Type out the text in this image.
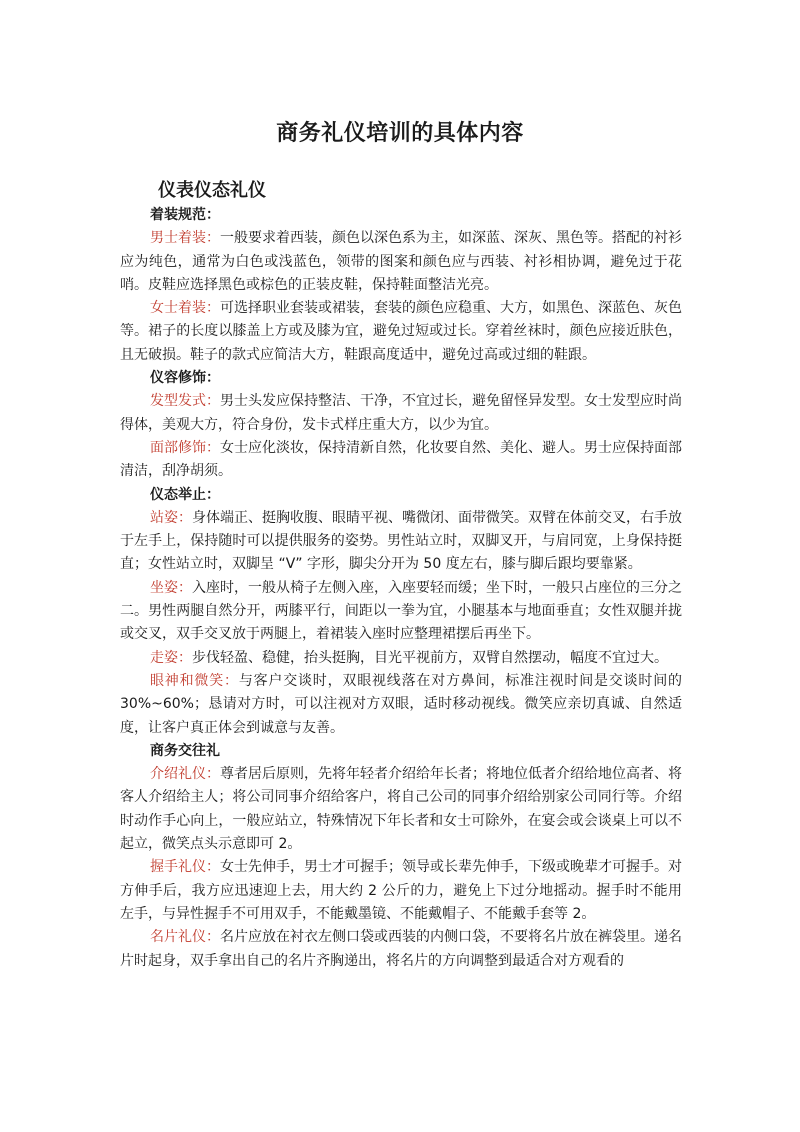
商务礼仪培训的具体内容
仪表仪态礼仪
着装规范：

男士着装：一般要求着西装，颜色以深色系为主，如深蓝、深灰、黑色等。搭配的衬衫应为纯色，通常为白色或浅蓝色，领带的图案和颜色应与西装、衬衫相协调，避免过于花哨。皮鞋应选择黑色或棕色的正装皮鞋，保持鞋面整洁光亮。

女士着装：可选择职业套装或裙装，套装的颜色应稳重、大方，如黑色、深蓝色、灰色等。裙子的长度以膝盖上方或及膝为宜，避免过短或过长。穿着丝袜时，颜色应接近肤色，且无破损。鞋子的款式应简洁大方，鞋跟高度适中，避免过高或过细的鞋跟。

仪容修饰：

发型发式：男士头发应保持整洁、干净，不宜过长，避免留怪异发型。女士发型应时尚得体，美观大方，符合身份，发卡式样庄重大方，以少为宜。

面部修饰：女士应化淡妆，保持清新自然，化妆要自然、美化、避人。男士应保持面部清洁，刮净胡须。

仪态举止：

站姿：身体端正、挺胸收腹、眼睛平视、嘴微闭、面带微笑。双臂在体前交叉，右手放于左手上，保持随时可以提供服务的姿势。男性站立时，双脚叉开，与肩同宽，上身保持挺直；女性站立时，双脚呈 “V” 字形，脚尖分开为 50 度左右，膝与脚后跟均要靠紧。

坐姿：入座时，一般从椅子左侧入座，入座要轻而缓；坐下时，一般只占座位的三分之二。男性两腿自然分开，两膝平行，间距以一拳为宜，小腿基本与地面垂直；女性双腿并拢或交叉，双手交叉放于两腿上，着裙装入座时应整理裙摆后再坐下。

走姿：步伐轻盈、稳健，抬头挺胸，目光平视前方，双臂自然摆动，幅度不宜过大。

眼神和微笑：与客户交谈时，双眼视线落在对方鼻间，标准注视时间是交谈时间的 30%~60%；恳请对方时，可以注视对方双眼，适时移动视线。微笑应亲切真诚、自然适度，让客户真正体会到诚意与友善。

商务交往礼

介绍礼仪：尊者居后原则，先将年轻者介绍给年长者；将地位低者介绍给地位高者、将客人介绍给主人；将公司同事介绍给客户，将自己公司的同事介绍给别家公司同行等。介绍时动作手心向上，一般应站立，特殊情况下年长者和女士可除外，在宴会或会谈桌上可以不起立，微笑点头示意即可 2。

握手礼仪：女士先伸手，男士才可握手；领导或长辈先伸手，下级或晚辈才可握手。对方伸手后，我方应迅速迎上去，用大约 2 公斤的力，避免上下过分地摇动。握手时不能用左手，与异性握手不可用双手，不能戴墨镜、不能戴帽子、不能戴手套等 2。

名片礼仪：名片应放在衬衣左侧口袋或西装的内侧口袋，不要将名片放在裤袋里。递名片时起身，双手拿出自己的名片齐胸递出，将名片的方向调整到最适合对方观看的
